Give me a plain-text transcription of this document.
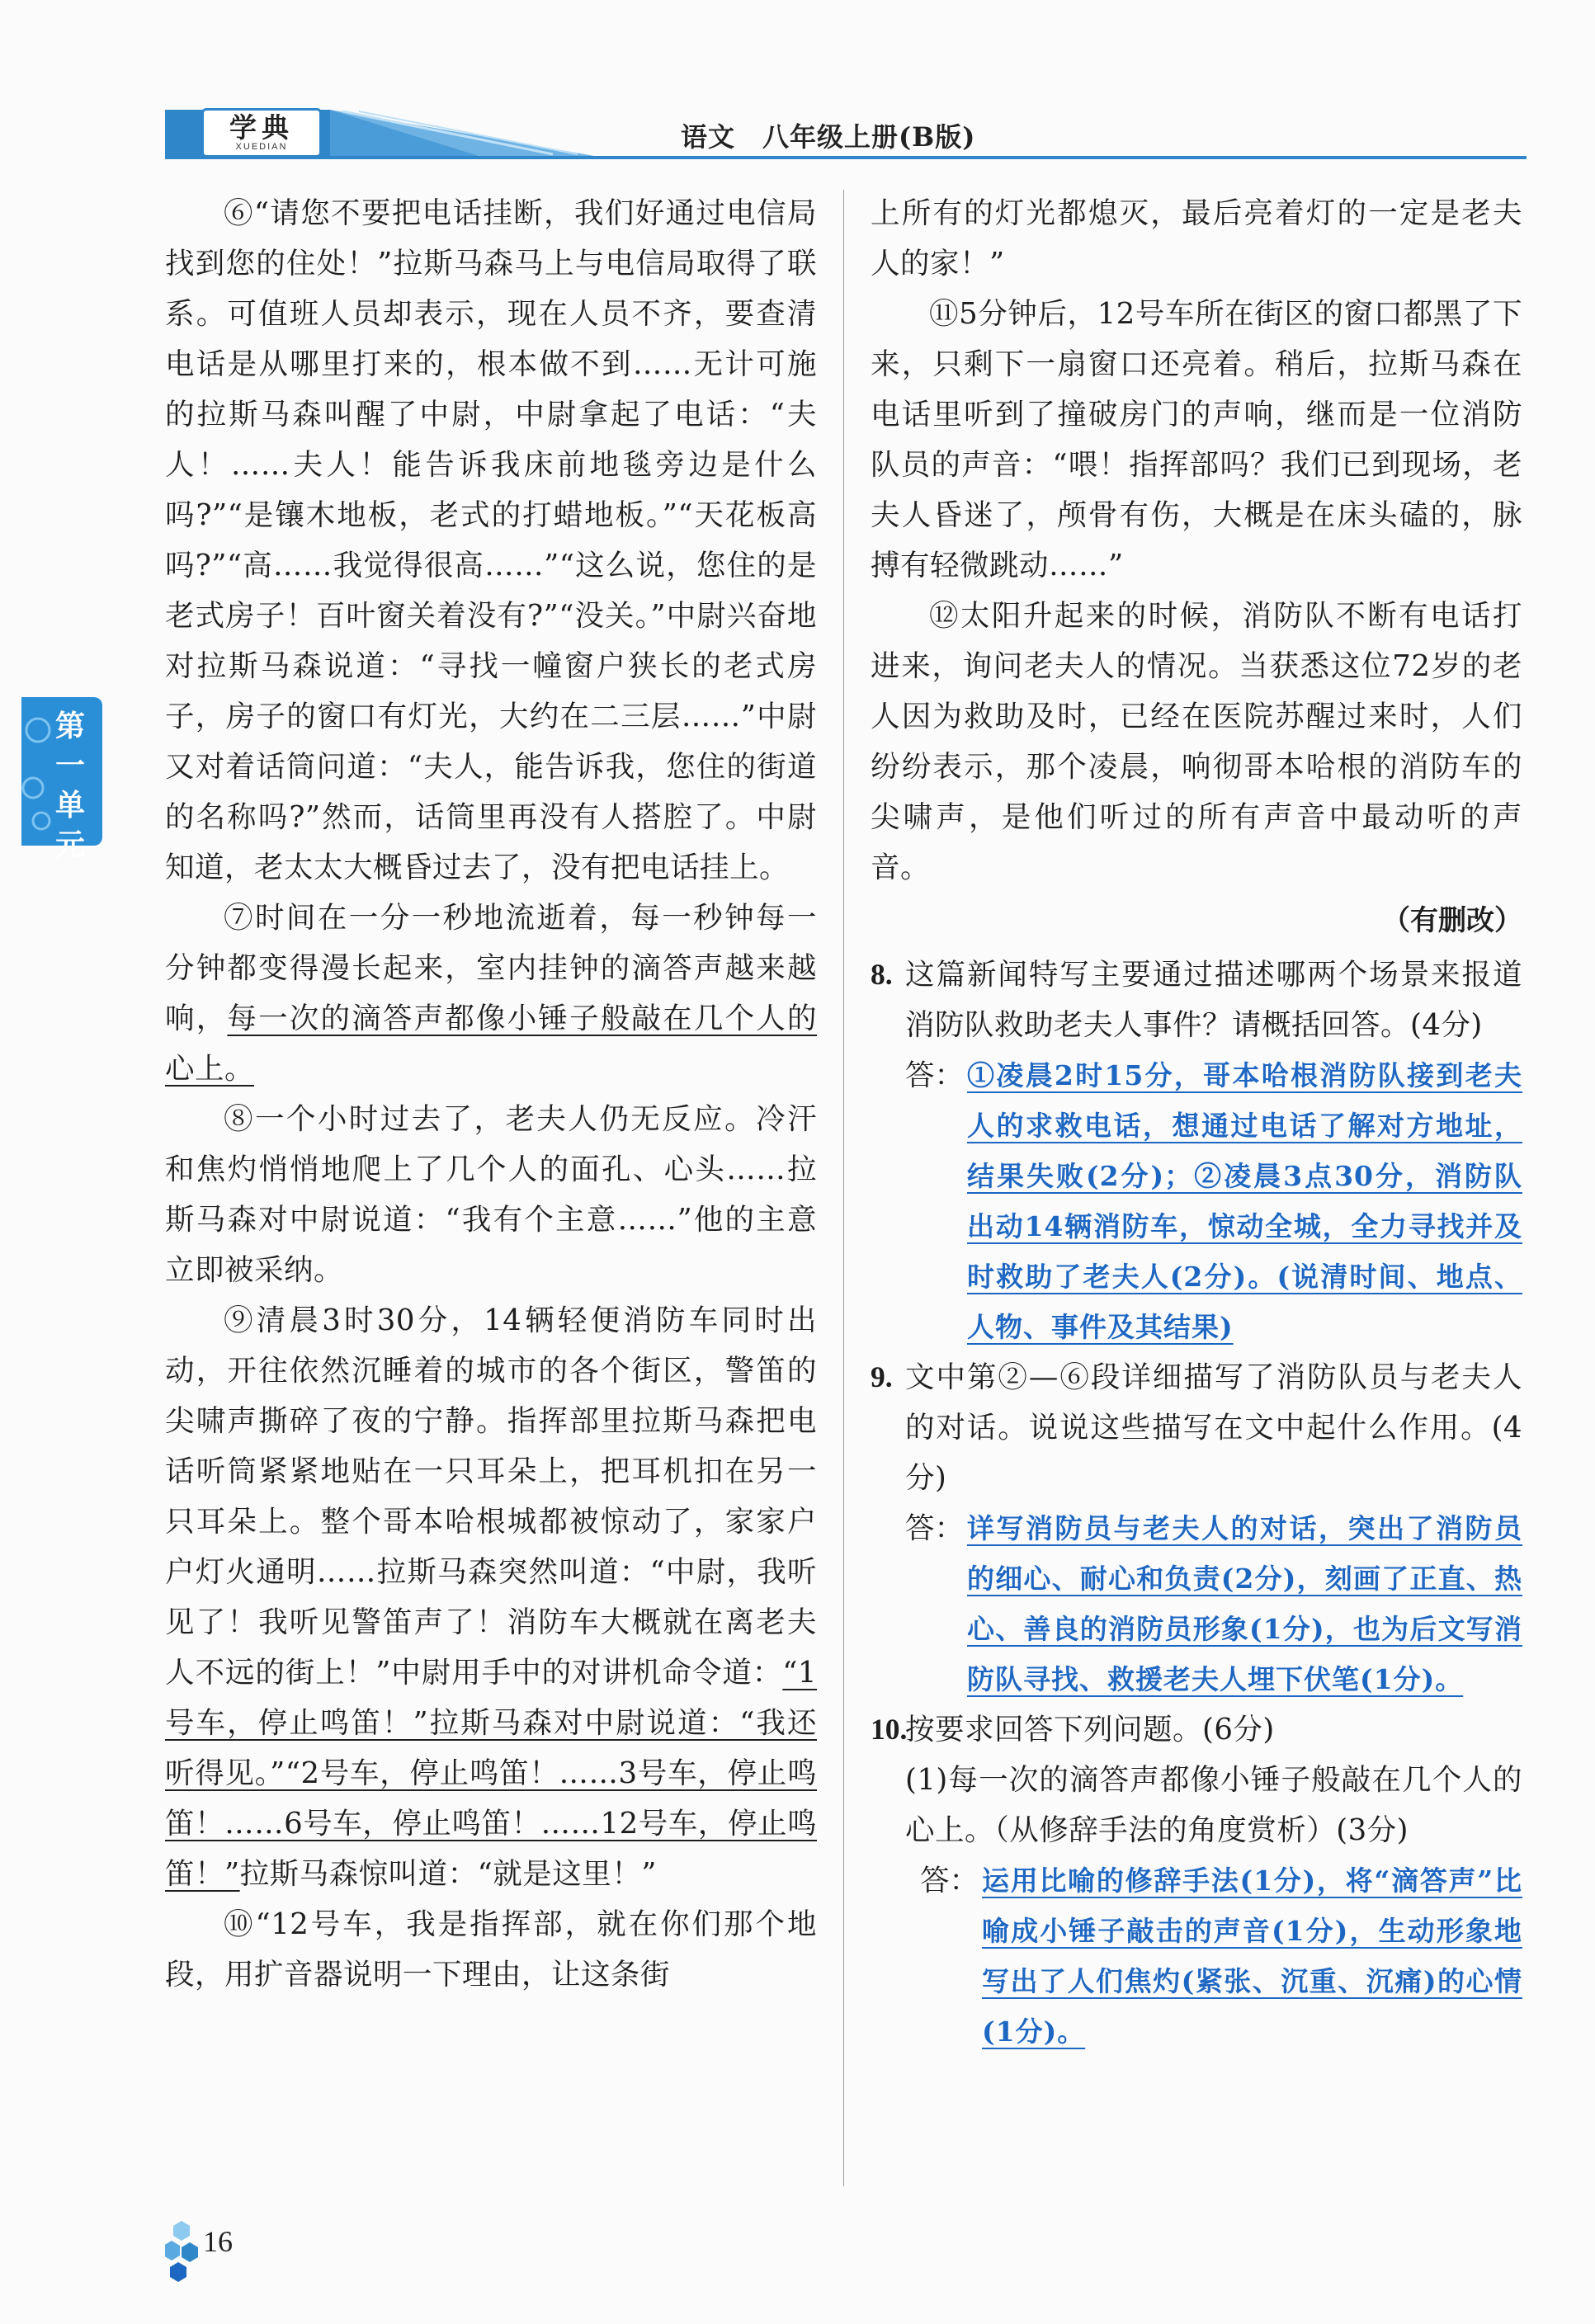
学典
XUEDIAN	语文　八年级上册(B版)
第一单元

⑥“请您不要把电话挂断，我们好通过电信局找到您的住处！”拉斯马森马上与电信局取得了联系。可值班人员却表示，现在人员不齐，要查清电话是从哪里打来的，根本做不到……无计可施的拉斯马森叫醒了中尉，中尉拿起了电话：“夫人！……夫人！能告诉我床前地毯旁边是什么吗?”“是镶木地板，老式的打蜡地板。”“天花板高吗?”“高……我觉得很高……”“这么说，您住的是老式房子！百叶窗关着没有?”“没关。”中尉兴奋地对拉斯马森说道：“寻找一幢窗户狭长的老式房子，房子的窗口有灯光，大约在二三层……”中尉又对着话筒问道：“夫人，能告诉我，您住的街道的名称吗?”然而，话筒里再没有人搭腔了。中尉知道，老太太大概昏过去了，没有把电话挂上。

⑦时间在一分一秒地流逝着，每一秒钟每一分钟都变得漫长起来，室内挂钟的滴答声越来越响，每一次的滴答声都像小锤子般敲在几个人的心上。

⑧一个小时过去了，老夫人仍无反应。冷汗和焦灼悄悄地爬上了几个人的面孔、心头……拉斯马森对中尉说道：“我有个主意……”他的主意立即被采纳。

⑨清晨3时30分，14辆轻便消防车同时出动，开往依然沉睡着的城市的各个街区，警笛的尖啸声撕碎了夜的宁静。指挥部里拉斯马森把电话听筒紧紧地贴在一只耳朵上，把耳机扣在另一只耳朵上。整个哥本哈根城都被惊动了，家家户户灯火通明……拉斯马森突然叫道：“中尉，我听见了！我听见警笛声了！消防车大概就在离老夫人不远的街上！”中尉用手中的对讲机命令道：“1号车，停止鸣笛！”拉斯马森对中尉说道：“我还听得见。”“2号车，停止鸣笛！……3号车，停止鸣笛！……6号车，停止鸣笛！……12号车，停止鸣笛！”拉斯马森惊叫道：“就是这里！”

⑩“12号车，我是指挥部，就在你们那个地段，用扩音器说明一下理由，让这条街

上所有的灯光都熄灭，最后亮着灯的一定是老夫人的家！”

⑪5分钟后，12号车所在街区的窗口都黑了下来，只剩下一扇窗口还亮着。稍后，拉斯马森在电话里听到了撞破房门的声响，继而是一位消防队员的声音：“喂！指挥部吗？我们已到现场，老夫人昏迷了，颅骨有伤，大概是在床头磕的，脉搏有轻微跳动……”

⑫太阳升起来的时候，消防队不断有电话打进来，询问老夫人的情况。当获悉这位72岁的老人因为救助及时，已经在医院苏醒过来时，人们纷纷表示，那个凌晨，响彻哥本哈根的消防车的尖啸声，是他们听过的所有声音中最动听的声音。

（有删改）
8. 这篇新闻特写主要通过描述哪两个场景来报道消防队救助老夫人事件？请概括回答。(4分)
答： ①凌晨2时15分，哥本哈根消防队接到老夫人的求救电话，想通过电话了解对方地址，结果失败(2分)；②凌晨3点30分，消防队出动14辆消防车，惊动全城，全力寻找并及时救助了老夫人(2分)。(说清时间、地点、人物、事件及其结果)
9. 文中第②—⑥段详细描写了消防队员与老夫人的对话。说说这些描写在文中起什么作用。(4分)
答： 详写消防员与老夫人的对话，突出了消防员的细心、耐心和负责(2分)，刻画了正直、热心、善良的消防员形象(1分)，也为后文写消防队寻找、救援老夫人埋下伏笔(1分)。
10.
按要求回答下列问题。(6分)
(1)每一次的滴答声都像小锤子般敲在几个人的心上。（从修辞手法的角度赏析）(3分)
答： 运用比喻的修辞手法(1分)，将“滴答声”比喻成小锤子敲击的声音(1分)，生动形象地写出了人们焦灼(紧张、沉重、沉痛)的心情(1分)。
16
